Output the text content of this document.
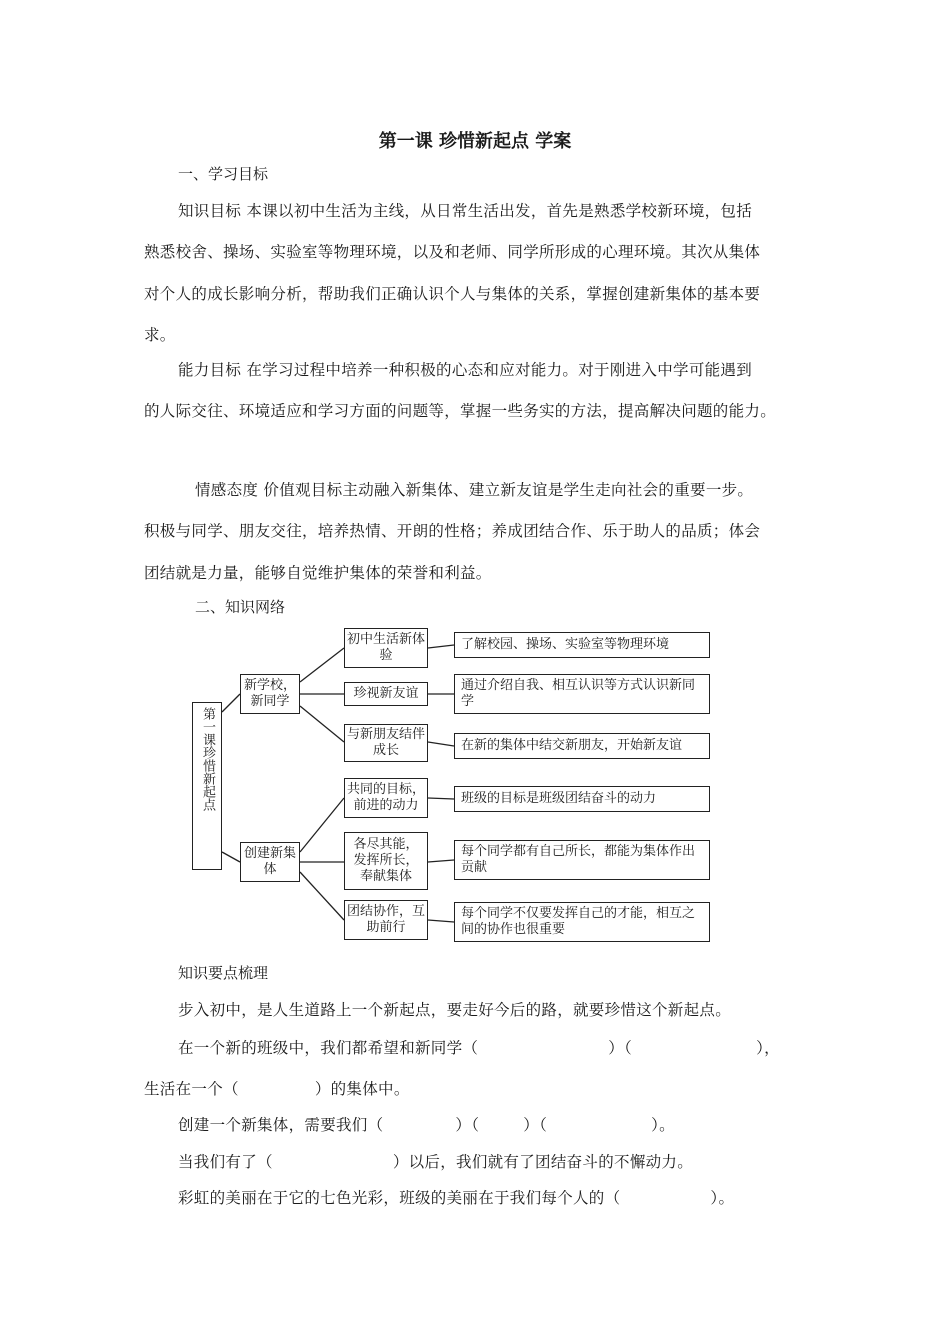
第一课 珍惜新起点 学案
一、学习目标
知识目标 本课以初中生活为主线，从日常生活出发，首先是熟悉学校新环境，包括
熟悉校舍、操场、实验室等物理环境，以及和老师、同学所形成的心理环境。其次从集体
对个人的成长影响分析，帮助我们正确认识个人与集体的关系，掌握创建新集体的基本要
求。
能力目标 在学习过程中培养一种积极的心态和应对能力。对于刚进入中学可能遇到
的人际交往、环境适应和学习方面的问题等，掌握一些务实的方法，提高解决问题的能力。
情感态度 价值观目标主动融入新集体、建立新友谊是学生走向社会的重要一步。
积极与同学、朋友交往，培养热情、开朗的性格；养成团结合作、乐于助人的品质；体会
团结就是力量，能够自觉维护集体的荣誉和利益。
二、知识网络
第一课珍惜新起点
新学校，新同学
创建新集体
初中生活新体验
珍视新友谊
与新朋友结伴成长
共同的目标，前进的动力
各尽其能，发挥所长，奉献集体
团结协作，互助前行
了解校园、操场、实验室等物理环境
通过介绍自我、相互认识等方式认识新同学
在新的集体中结交新朋友，开始新友谊
班级的目标是班级团结奋斗的动力
每个同学都有自己所长，都能为集体作出贡献
每个同学不仅要发挥自己的才能，相互之间的协作也很重要
知识要点梳理
步入初中，是人生道路上一个新起点，要走好今后的路，就要珍惜这个新起点。
在一个新的班级中，我们都希望和新同学（	）（	），
生活在一个（	）的集体中。
创建一个新集体，需要我们（	）（	）（	）。
当我们有了（	）以后，我们就有了团结奋斗的不懈动力。
彩虹的美丽在于它的七色光彩，班级的美丽在于我们每个人的（	）。
